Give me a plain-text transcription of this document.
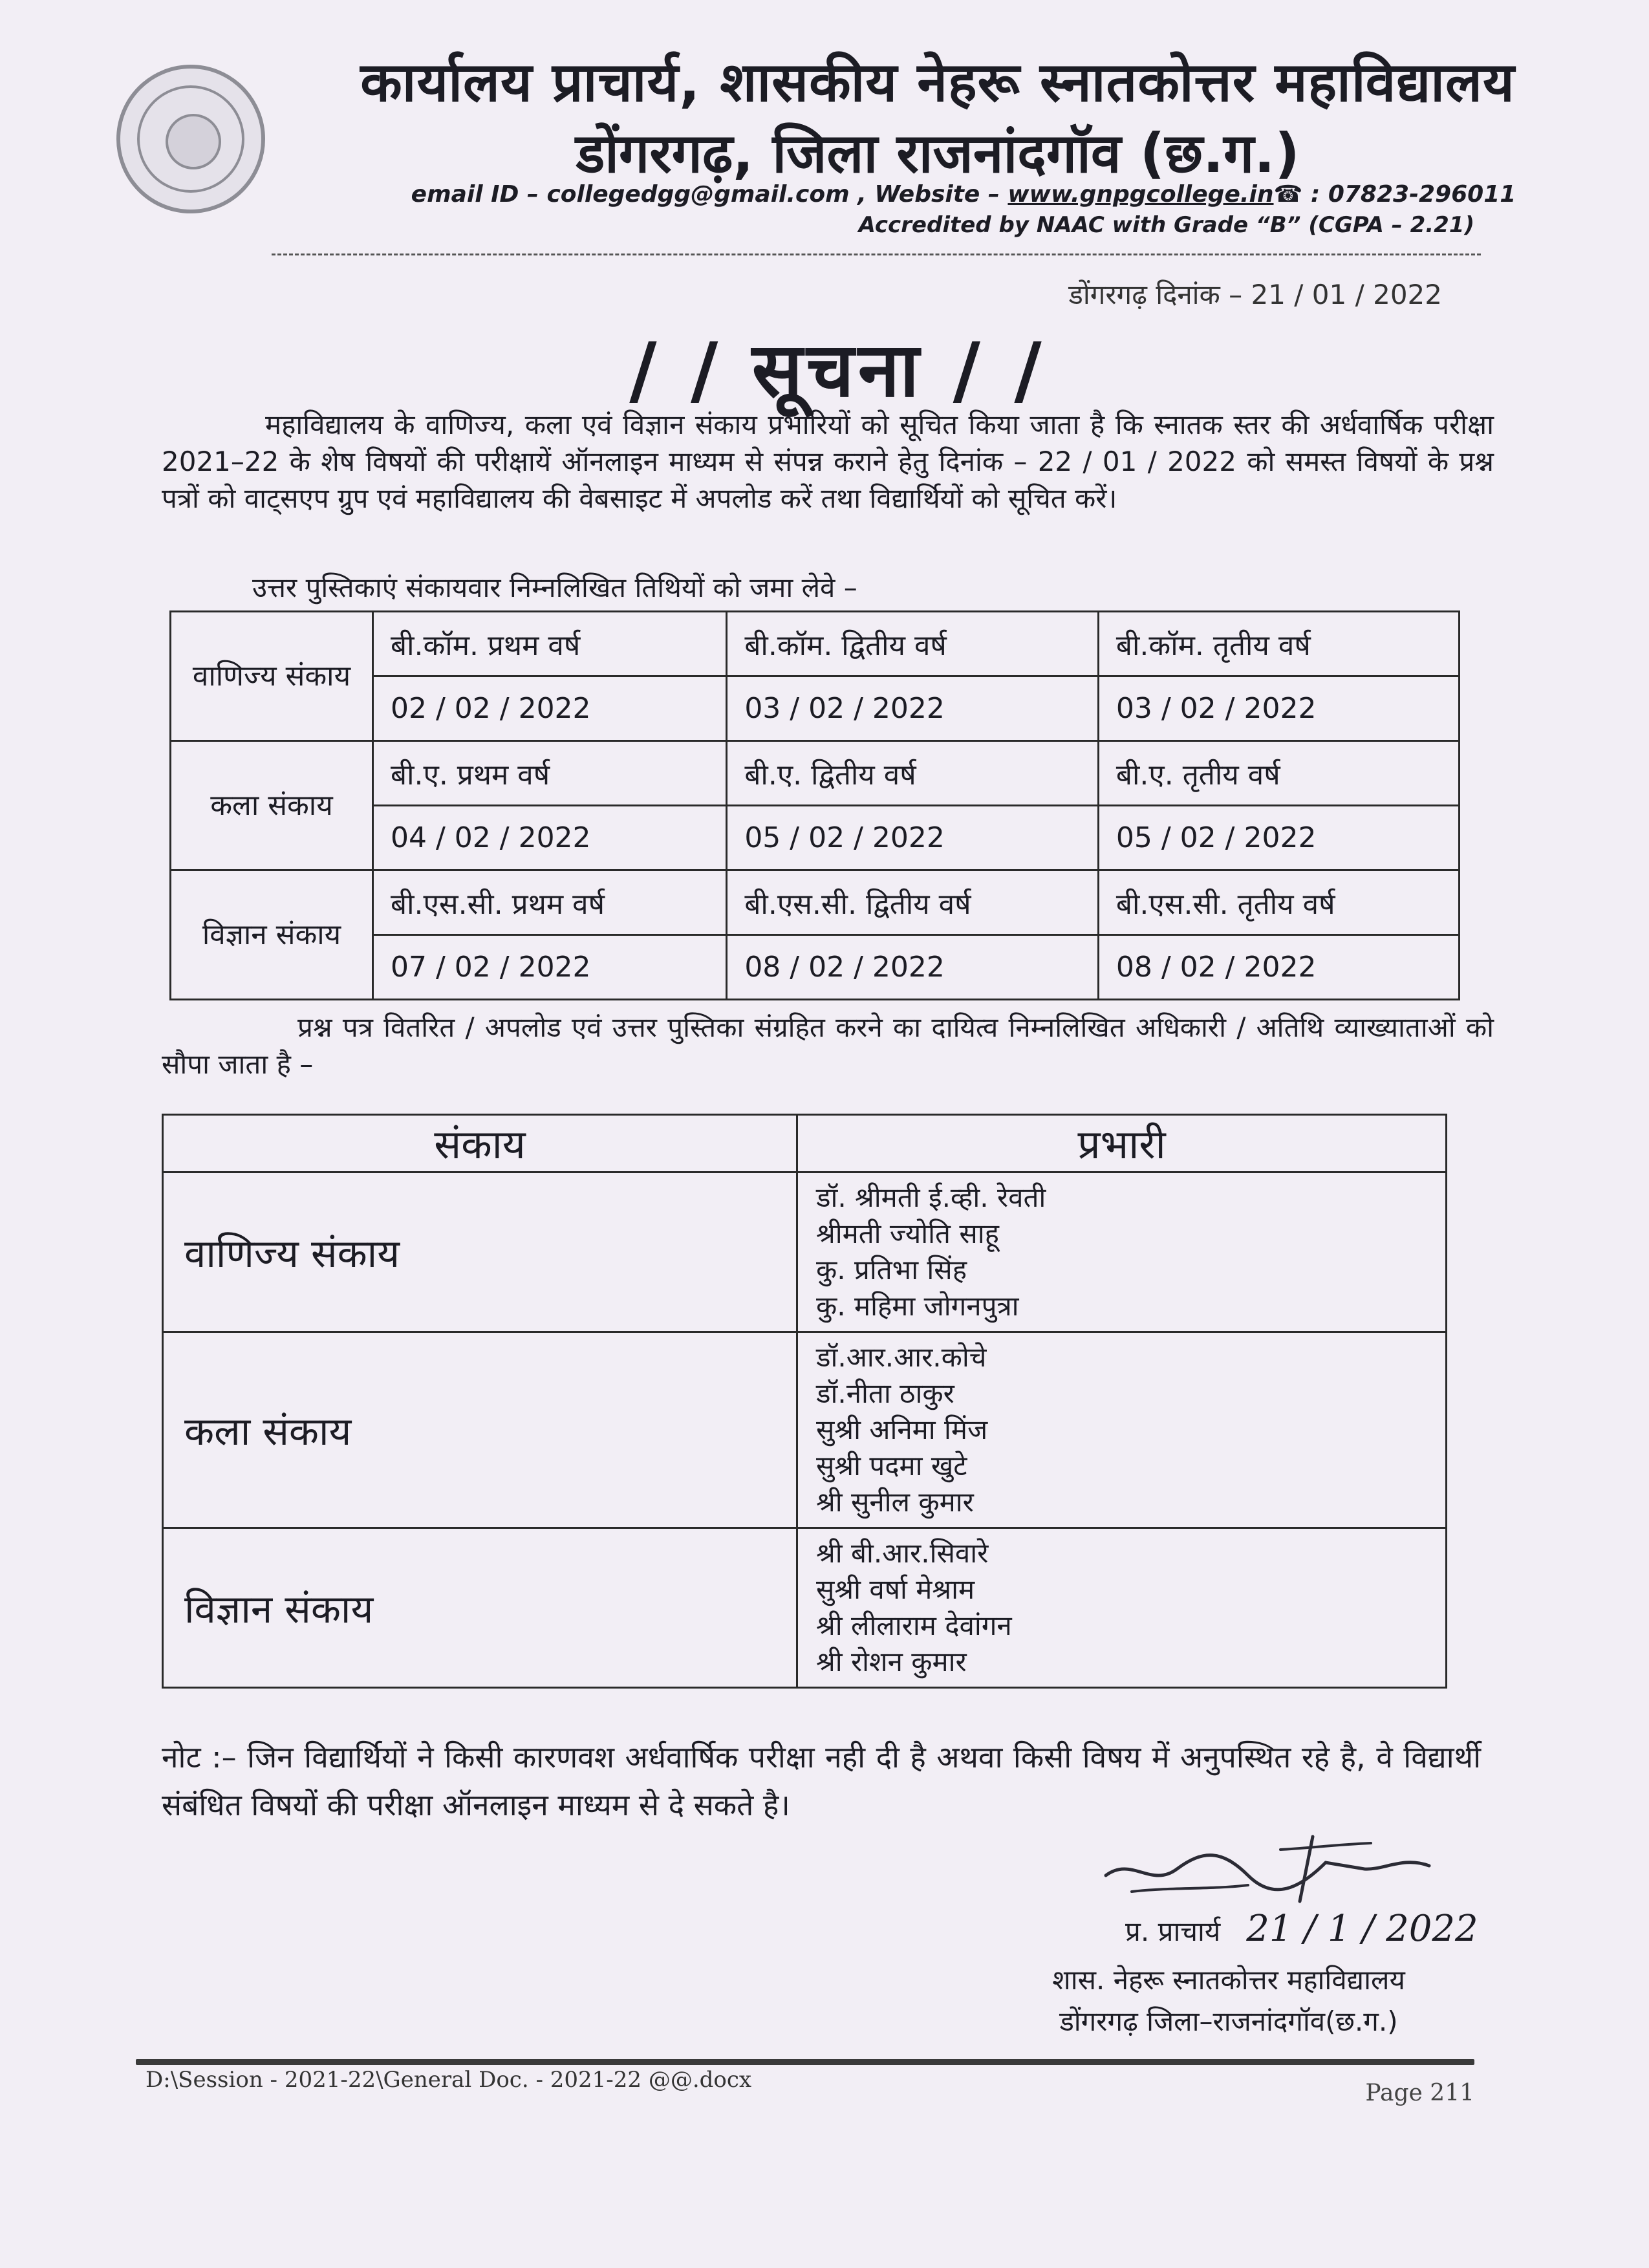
कार्यालय प्राचार्य, शासकीय नेहरू स्नातकोत्तर महाविद्यालय
डोंगरगढ़, जिला राजनांदगॉव (छ.ग.)
email ID – collegedgg@gmail.com , Website – www.gnpgcollege.in☎ : 07823-296011
Accredited by NAAC with Grade “B” (CGPA – 2.21)
डोंगरगढ़ दिनांक – 21 / 01 / 2022
/ / सूचना / /
महाविद्यालय के वाणिज्य, कला एवं विज्ञान संकाय प्रभारियों को सूचित किया जाता है कि स्नातक स्तर की अर्धवार्षिक परीक्षा 2021–22 के शेष विषयों की परीक्षायें ऑनलाइन माध्यम से संपन्न कराने हेतु दिनांक – 22 / 01 / 2022 को समस्त विषयों के प्रश्न पत्रों को वाट्सएप ग्रुप एवं महाविद्यालय की वेबसाइट में अपलोड करें तथा विद्यार्थियों को सूचित करें।
उत्तर पुस्तिकाएं संकायवार निम्नलिखित तिथियों को जमा लेवे –
वाणिज्य संकाय	बी.कॉम. प्रथम वर्ष	बी.कॉम. द्वितीय वर्ष	बी.कॉम. तृतीय वर्ष
	02 / 02 / 2022	03 / 02 / 2022	03 / 02 / 2022
कला संकाय	बी.ए. प्रथम वर्ष	बी.ए. द्वितीय वर्ष	बी.ए. तृतीय वर्ष
	04 / 02 / 2022	05 / 02 / 2022	05 / 02 / 2022
विज्ञान संकाय	बी.एस.सी. प्रथम वर्ष	बी.एस.सी. द्वितीय वर्ष	बी.एस.सी. तृतीय वर्ष
	07 / 02 / 2022	08 / 02 / 2022	08 / 02 / 2022
प्रश्न पत्र वितरित / अपलोड एवं उत्तर पुस्तिका संग्रहित करने का दायित्व निम्नलिखित अधिकारी / अतिथि व्याख्याताओं को सौपा जाता है –
संकाय	प्रभारी
वाणिज्य संकाय	डॉ. श्रीमती ई.व्ही. रेवती
श्रीमती ज्योति साहू
कु. प्रतिभा सिंह
कु. महिमा जोगनपुत्रा

कला संकाय	डॉ.आर.आर.कोचे
डॉ.नीता ठाकुर
सुश्री अनिमा मिंज
सुश्री पदमा खुटे
श्री सुनील कुमार

विज्ञान संकाय	श्री बी.आर.सिवारे
सुश्री वर्षा मेश्राम
श्री लीलाराम देवांगन
श्री रोशन कुमार
नोट :– जिन विद्यार्थियों ने किसी कारणवश अर्धवार्षिक परीक्षा नही दी है अथवा किसी विषय में अनुपस्थित रहे है, वे विद्यार्थी संबंधित विषयों की परीक्षा ऑनलाइन माध्यम से दे सकते है।
प्र. प्राचार्य 21 / 1 / 2022
शास. नेहरू स्नातकोत्तर महाविद्यालय
डोंगरगढ़ जिला–राजनांदगॉव(छ.ग.)
D:\Session - 2021-22\General Doc. - 2021-22 @@.docx	Page 211
